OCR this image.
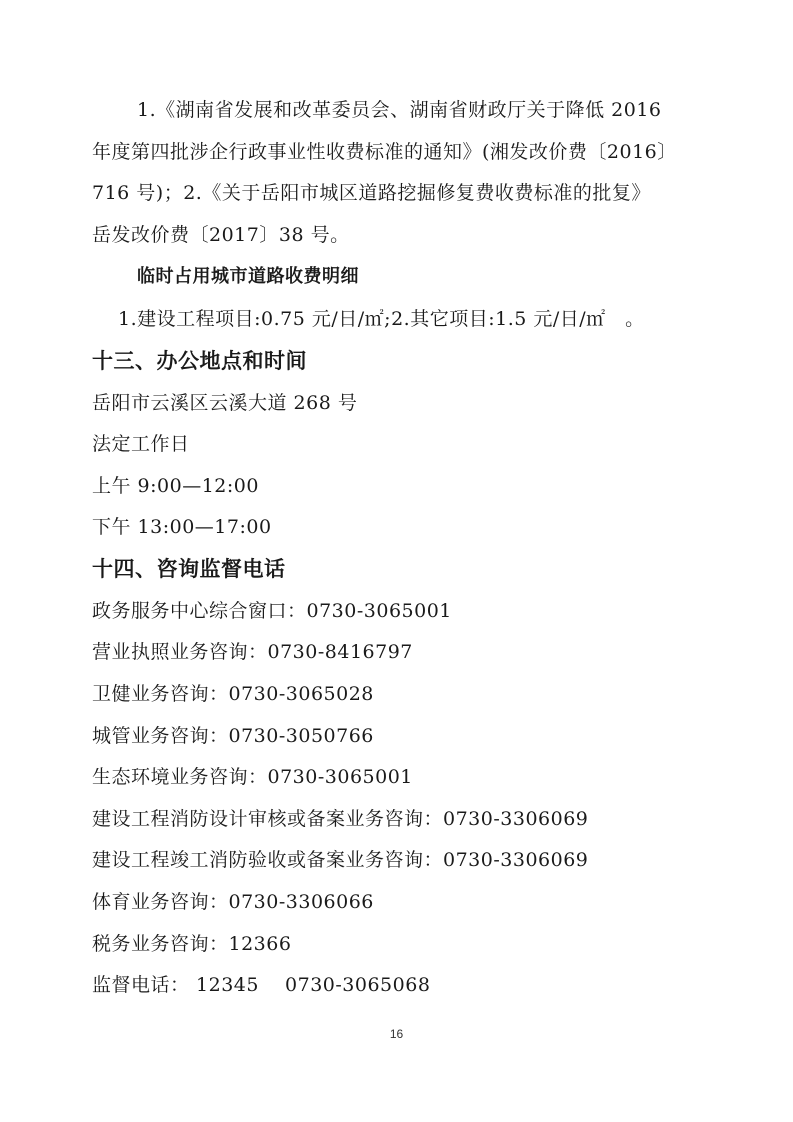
1.《湖南省发展和改革委员会、湖南省财政厅关于降低 2016
年度第四批涉企行政事业性收费标准的通知》(湘发改价费〔2016〕
716 号)；2.《关于岳阳市城区道路挖掘修复费收费标准的批复》
岳发改价费〔2017〕38 号。
临时占用城市道路收费明细
1.建设工程项目:0.75 元/日/㎡;2.其它项目:1.5 元/日/㎡　。
十三、办公地点和时间
岳阳市云溪区云溪大道 268 号
法定工作日
上午 9:00—12:00
下午 13:00—17:00
十四、咨询监督电话
政务服务中心综合窗口：0730-3065001
营业执照业务咨询：0730-8416797
卫健业务咨询：0730-3065028
城管业务咨询：0730-3050766
生态环境业务咨询：0730-3065001
建设工程消防设计审核或备案业务咨询：0730-3306069
建设工程竣工消防验收或备案业务咨询：0730-3306069
体育业务咨询：0730-3306066
税务业务咨询：12366
监督电话： 12345　 0730-3065068
16
